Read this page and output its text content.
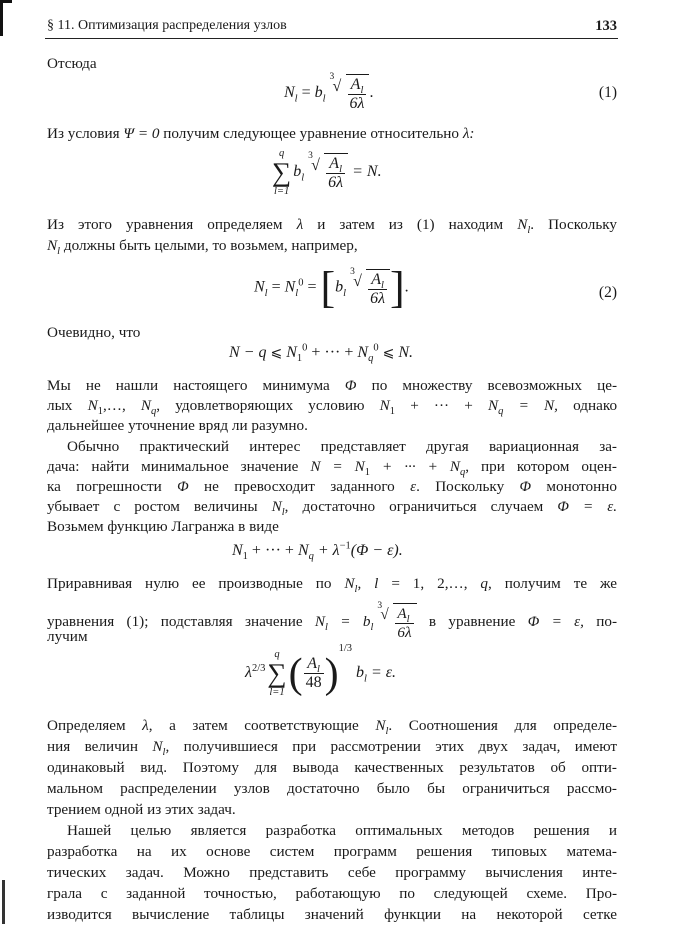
§ 11. Оптимизация распределения узлов	133
Отсюда
$N_l = b_l$
3
√ $\frac{A_l}{6\lambda}$ .	(1)
Из условия Ψ = 0 получим следующее уравнение относительно λ:
q
∑
l=1
$b_l$
3
√ $\frac{A_l}{6\lambda} = N$.
Из этого уравнения определяем λ и затем из (1) находим $N_l$. Поскольку
$N_l$ должны быть целыми, то возьмем, например,
$N_l = N_l^0 = [b_l$
3
√ $\frac{A_l}{6\lambda}$ ].	(2)
Очевидно, что
N − q ⩽ $N_1^0$ + ··· + $N_q^0$ ⩽ N.
Мы не нашли настоящего минимума Φ по множеству всевозможных це-
лых $N_1,\dots$, $N_q$, удовлетворяющих условию $N_1$ + ··· + $N_q = N$, однако
дальнейшее уточнение вряд ли разумно.
Обычно практический интерес представляет другая вариационная за-
дача: найти минимальное значение $N = N_1$ + ··· + $N_q$, при котором оцен-
ка погрешности Φ не превосходит заданного ε. Поскольку Φ монотонно
убывает с ростом величины $N_l$, достаточно ограничиться случаем Φ = ε.
Возьмем функцию Лагранжа в виде
$N_1$ + ··· + $N_q + \lambda^{-1}(\Phi - \varepsilon)$.
Приравнивая нулю ее производные по $N_l$, l = 1, 2,…, q, получим те же
уравнения (1); подставляя значение $N_l = b_l$
3
√ $\frac{A_l}{6\lambda}$ в уравнение Φ = ε, по-
лучим
$\lambda^{2/3}$
q
∑
l=1 ( $\frac{A_l}{48} )1/3$ $b_l = \varepsilon$.
Определяем λ, а затем соответствующие $N_l$. Соотношения для определе-
ния величин $N_l$, получившиеся при рассмотрении этих двух задач, имеют
одинаковый вид. Поэтому для вывода качественных результатов об опти-
мальном распределении узлов достаточно было бы ограничиться рассмо-
трением одной из этих задач.
Нашей целью является разработка оптимальных методов решения и
разработка на их основе систем программ решения типовых матема-
тических задач. Можно представить себе программу вычисления инте-
грала с заданной точностью, работающую по следующей схеме. Про-
изводится вычисление таблицы значений функции на некоторой сетке
